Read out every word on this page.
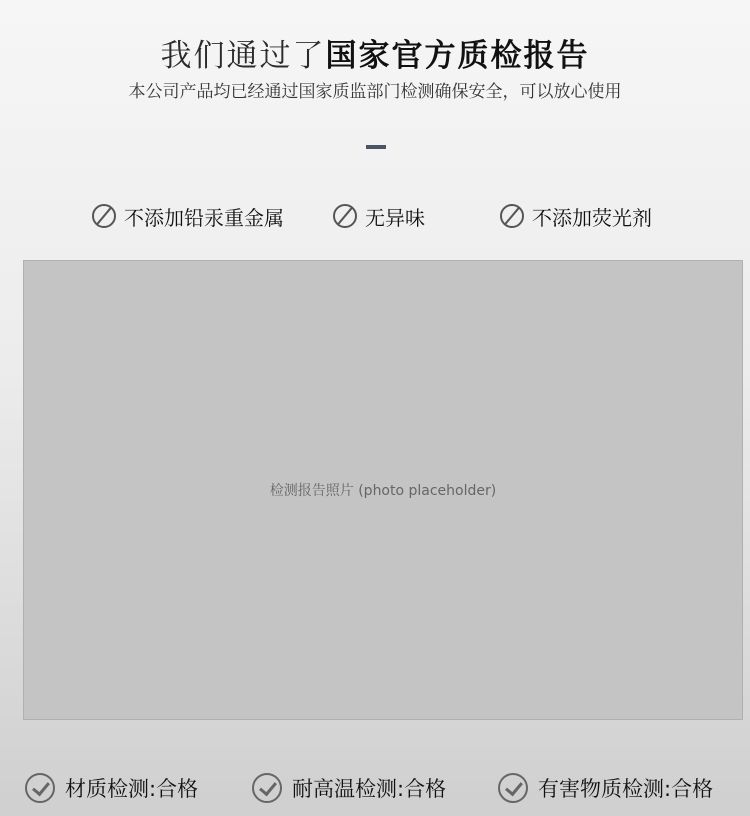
我们通过了国家官方质检报告
本公司产品均已经通过国家质监部门检测确保安全，可以放心使用
不添加铅汞重金属	无异味	不添加荧光剂
检测报告照片 (photo placeholder)
材质检测:合格	耐高温检测:合格	有害物质检测:合格
